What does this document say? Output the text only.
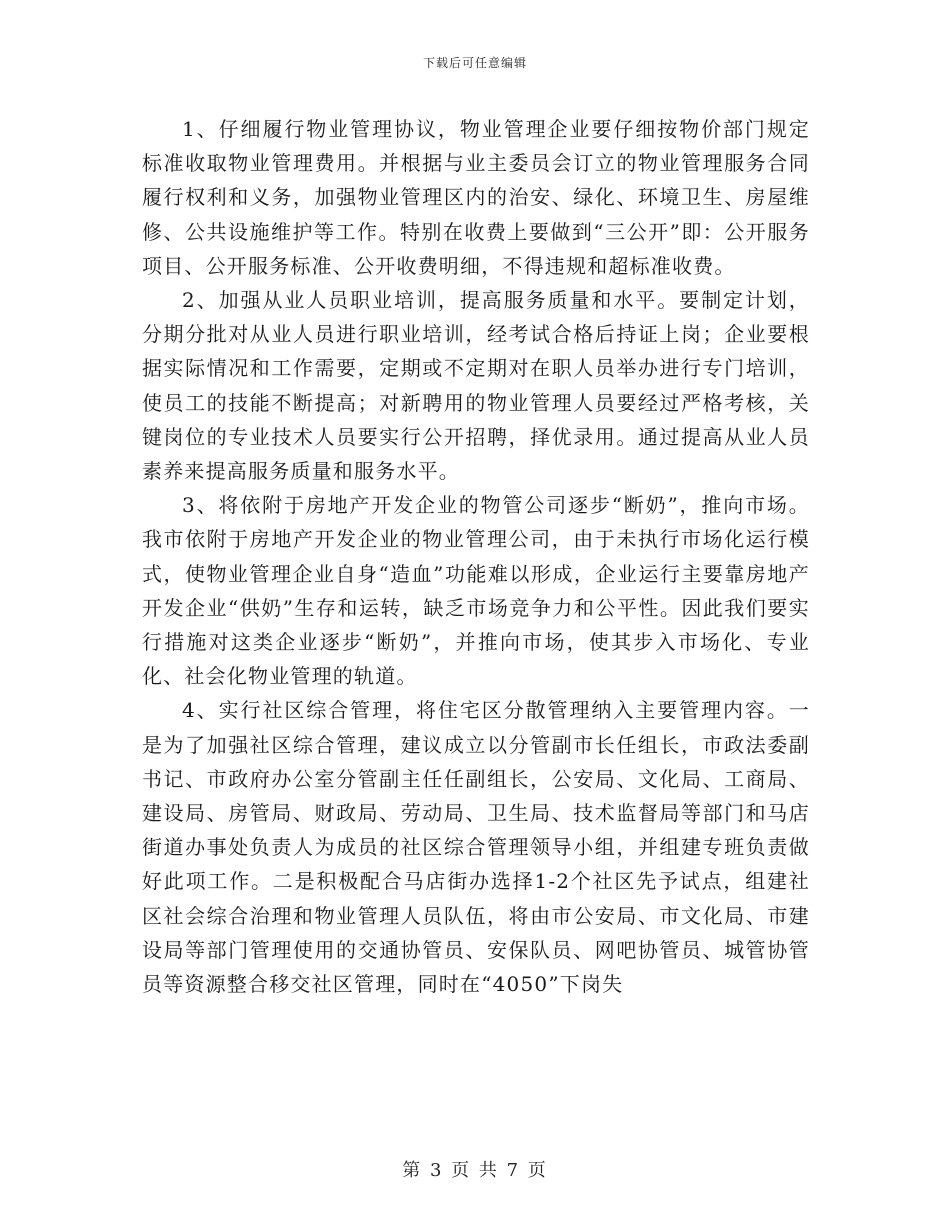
下载后可任意编辑

1、仔细履行物业管理协议，物业管理企业要仔细按物价部门规定标准收取物业管理费用。并根据与业主委员会订立的物业管理服务合同履行权利和义务，加强物业管理区内的治安、绿化、环境卫生、房屋维修、公共设施维护等工作。特别在收费上要做到“三公开”即：公开服务项目、公开服务标准、公开收费明细，不得违规和超标准收费。

2、加强从业人员职业培训，提高服务质量和水平。要制定计划，分期分批对从业人员进行职业培训，经考试合格后持证上岗；企业要根据实际情况和工作需要，定期或不定期对在职人员举办进行专门培训，使员工的技能不断提高；对新聘用的物业管理人员要经过严格考核，关键岗位的专业技术人员要实行公开招聘，择优录用。通过提高从业人员素养来提高服务质量和服务水平。

3、将依附于房地产开发企业的物管公司逐步“断奶”，推向市场。我市依附于房地产开发企业的物业管理公司，由于未执行市场化运行模式，使物业管理企业自身“造血”功能难以形成，企业运行主要靠房地产开发企业“供奶”生存和运转，缺乏市场竞争力和公平性。因此我们要实行措施对这类企业逐步“断奶”，并推向市场，使其步入市场化、专业化、社会化物业管理的轨道。

4、实行社区综合管理，将住宅区分散管理纳入主要管理内容。一是为了加强社区综合管理，建议成立以分管副市长任组长，市政法委副书记、市政府办公室分管副主任任副组长，公安局、文化局、工商局、建设局、房管局、财政局、劳动局、卫生局、技术监督局等部门和马店街道办事处负责人为成员的社区综合管理领导小组，并组建专班负责做好此项工作。二是积极配合马店街办选择1-2个社区先予试点，组建社区社会综合治理和物业管理人员队伍，将由市公安局、市文化局、市建设局等部门管理使用的交通协管员、安保队员、网吧协管员、城管协管员等资源整合移交社区管理，同时在“4050”下岗失

第 3 页 共 7 页
